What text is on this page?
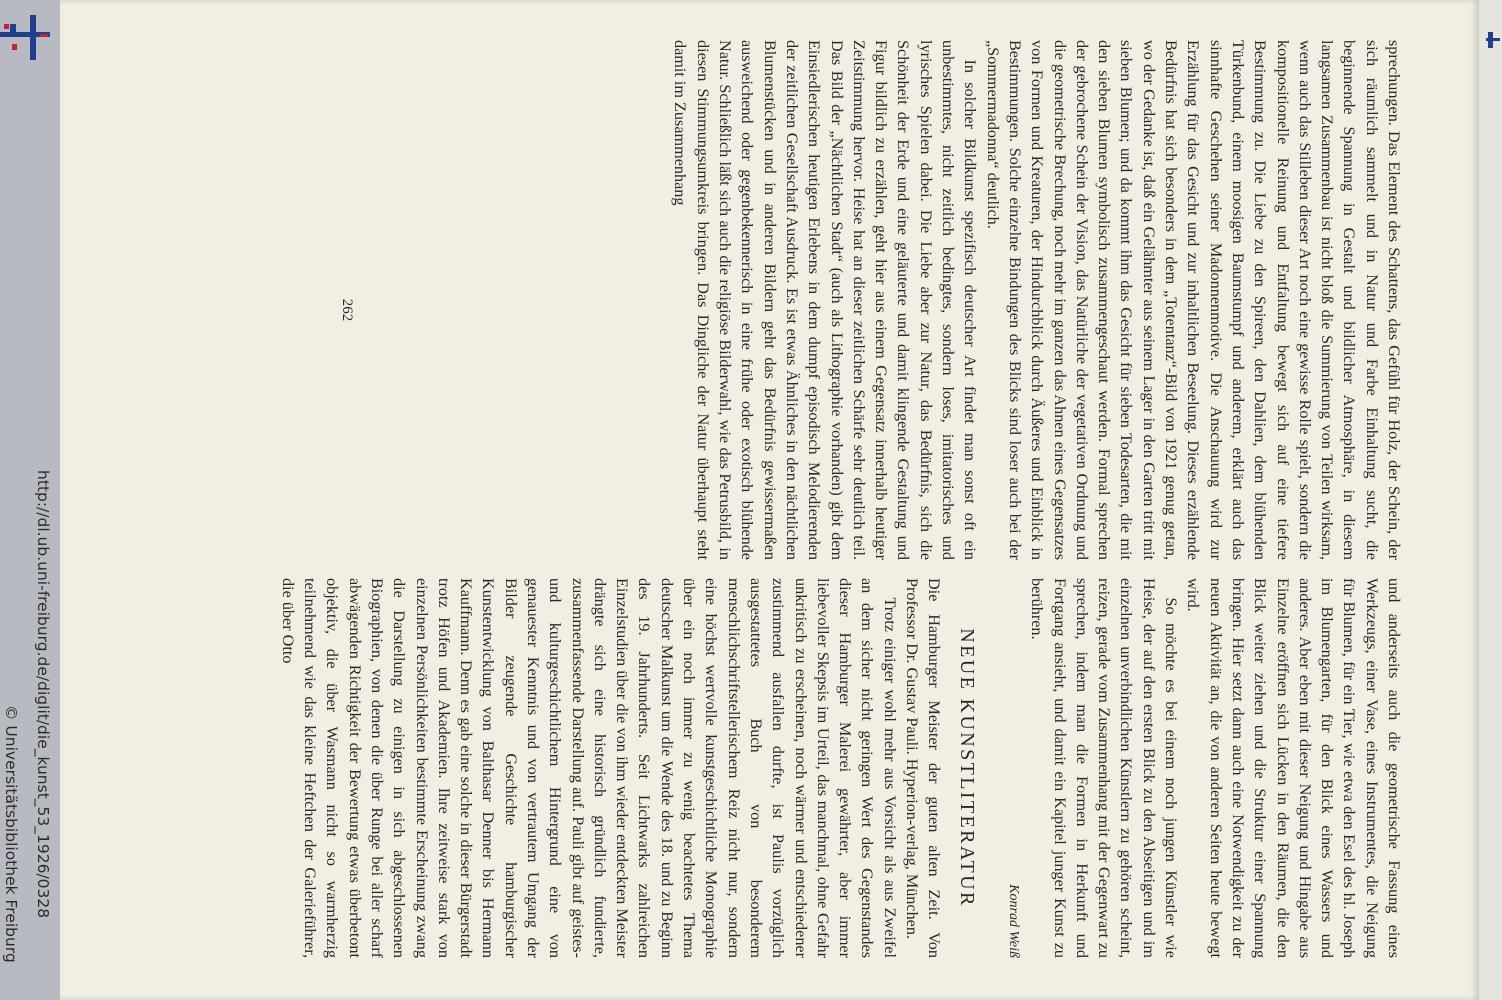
http://dl.ub.uni-freiburg.de/diglit/die_kunst_53_1926/0328
© Universitätsbibliothek Freiburg

sprechungen. Das Element des Schattens, das Gefühl für Holz, der Schein, der sich räumlich sammelt und in Natur und Farbe Einhaltung sucht, die beginnende Spannung in Gestalt und bildlicher Atmosphäre, in diesem langsamen Zusammenbau ist nicht bloß die Summierung von Teilen wirksam, wenn auch das Stilleben dieser Art noch eine gewisse Rolle spielt, sondern die kompositionelle Reinung und Entfaltung bewegt sich auf eine tiefere Bestimmung zu. Die Liebe zu den Spireen, den Dahlien, dem blühenden Türkenbund, einem moosigen Baumstumpf und anderem, erklärt auch das sinnhafte Geschehen seiner Madonnenmotive. Die Anschauung wird zur Erzählung für das Gesicht und zur inhaltlichen Beseelung. Dieses erzählende Bedürfnis hat sich besonders in dem „Totentanz“-Bild von 1921 genug getan, wo der Gedanke ist, daß ein Gelähmter aus seinem Lager in den Garten tritt mit sieben Blumen; und da kommt ihm das Gesicht für sieben Todesarten, die mit den sieben Blumen symbolisch zusammengeschaut werden. Formal sprechen der gebrochene Schein der Vision, das Natürliche der vegetativen Ordnung und die geometrische Brechung, noch mehr im ganzen das Ahnen eines Gegensatzes von Formen und Kreaturen, der Hindurchblick durch Äußeres und Einblick in Bestimmungen. Solche einzelne Bindungen des Blicks sind loser auch bei der „Sommermadonna“ deutlich.

In solcher Bildkunst spezifisch deutscher Art findet man sonst oft ein unbestimmtes, nicht zeitlich bedingtes, sondern loses, imitatorisches und lyrisches Spielen dabei. Die Liebe aber zur Natur, das Bedürfnis, sich die Schönheit der Erde und eine geläuterte und damit klingende Gestaltung und Figur bildlich zu erzählen, geht hier aus einem Gegensatz innerhalb heutiger Zeitstimmung hervor. Heise hat an dieser zeitlichen Schärfe sehr deutlich teil. Das Bild der „Nächtlichen Stadt“ (auch als Lithographie vorhanden) gibt dem Einsiedlerischen heutigen Erlebens in dem dumpf episodisch Melodierenden der zeitlichen Gesellschaft Ausdruck. Es ist etwas Ähnliches in den nächtlichen Blumenstücken und in anderen Bildern geht das Bedürfnis gewissermaßen ausweichend oder gegenbekennerisch in eine frühe oder exotisch blühende Natur. Schließlich läßt sich auch die religiöse Bilderwahl, wie das Petrusbild, in diesen Stimmungsumkreis bringen. Das Dingliche der Natur überhaupt steht damit im Zusammenhang

und anderseits auch die geometrische Fassung eines Werkzeugs, einer Vase, eines Instrumentes, die Neigung für Blumen, für ein Tier, wie etwa den Esel des hl. Joseph im Blumengarten, für den Blick eines Wassers und anderes. Aber eben mit dieser Neigung und Hingabe aus Einzelne eröffnen sich Lücken in den Räumen, die den Blick weiter ziehen und die Struktur einer Spannung bringen. Hier setzt dann auch eine Notwendigkeit zu der neuen Aktivität an, die von anderen Seiten heute bewegt wird.

So möchte es bei einem noch jungen Künstler wie Heise, der auf den ersten Blick zu den Abseitigen und im einzelnen unverbindlichen Künstlern zu gehören scheint, reizen, gerade vom Zusammenhang mit der Gegenwart zu sprechen, indem man die Formen in Herkunft und Fortgang ansieht, und damit ein Kapitel junger Kunst zu berühren.

Konrad Weiß

NEUE KUNSTLITERATUR

Die Hamburger Meister der guten alten Zeit. Von Professor Dr. Gustav Pauli. Hyperion-verlag, München.

Trotz einiger wohl mehr aus Vorsicht als aus Zweifel an dem sicher nicht geringen Wert des Gegenstandes dieser Hamburger Malerei gewährter, aber immer liebevoller Skepsis im Urteil, das manchmal, ohne Gefahr unkritisch zu erscheinen, noch wärmer und entschiedener zustimmend ausfallen durfte, ist Paulis vorzüglich ausgestattetes Buch von besonderem menschlichschriftstellerischem Reiz nicht nur, sondern eine höchst wertvolle kunstgeschichtliche Monographie über ein noch immer zu wenig beachtetes Thema deutscher Malkunst um die Wende des 18. und zu Beginn des 19. Jahrhunderts. Seit Lichtwarks zahlreichen Einzelstudien über die von ihm wieder entdeckten Meister drängte sich eine historisch gründlich fundierte, zusammenfassende Darstellung auf. Pauli gibt auf geistes- und kulturgeschichtlichem Hintergrund eine von genauester Kenntnis und von vertrautem Umgang der Bilder zeugende Geschichte hamburgischer Kunstentwicklung von Balthasar Denner bis Hermann Kauffmann. Denn es gab eine solche in dieser Bürgerstadt trotz Höfen und Akademien. Ihre zeitweise stark von einzelnen Persönlichkeiten bestimmte Erscheinung zwang die Darstellung zu einigen in sich abgeschlossenen Biographien, von denen die über Runge bei aller scharf abwägenden Richtigkeit der Bewertung etwas überbetont objektiv, die über Wasmann nicht so warmherzig teilnehmend wie das kleine Heftchen der Galerieführer, die über Otto

262
